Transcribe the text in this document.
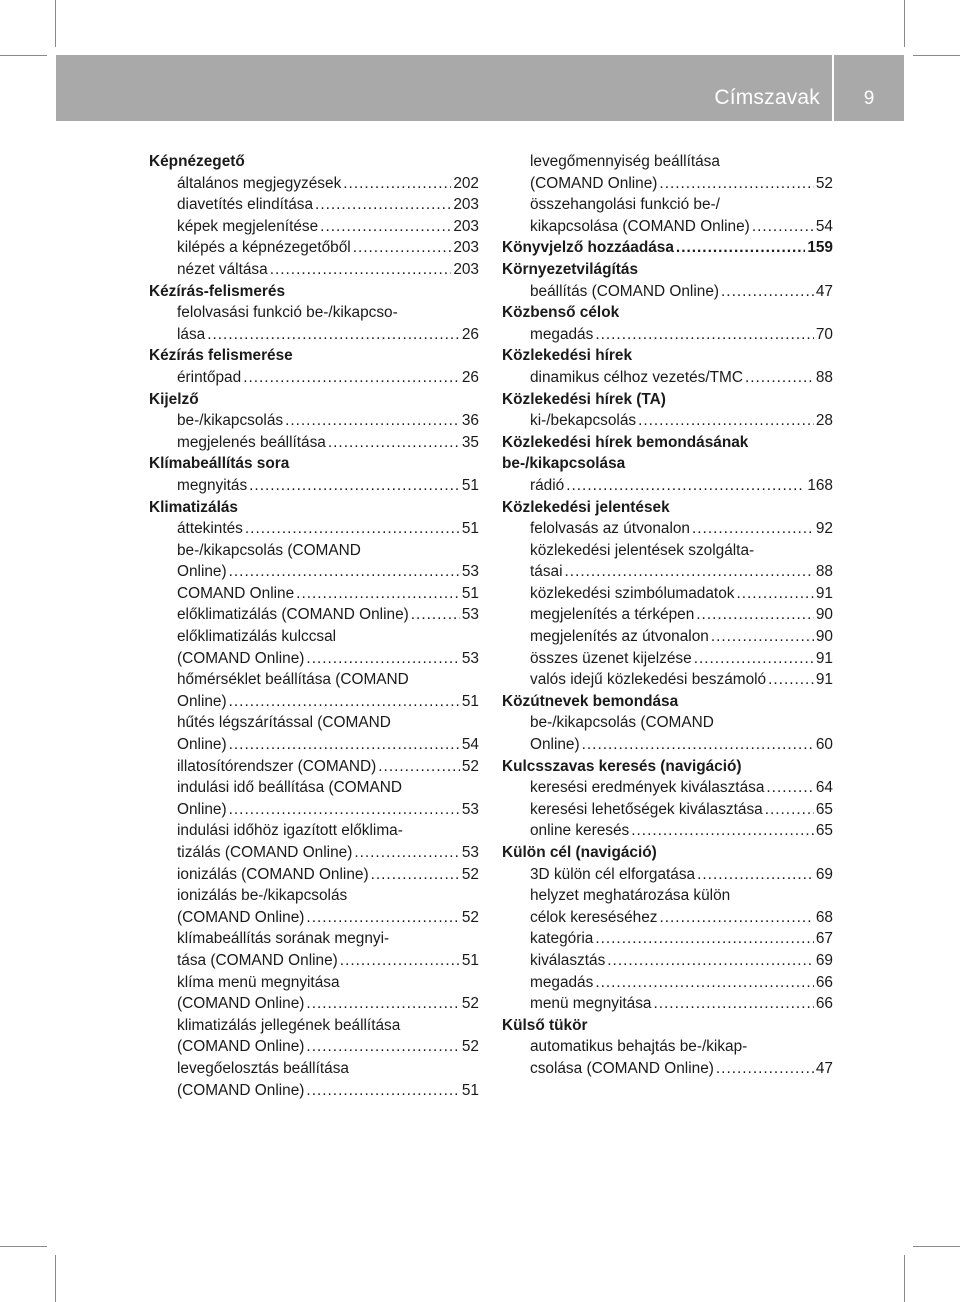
Címszavak	9
Képnézegető
általános megjegyzések .....	202
diavetítés elindítása .....	203
képek megjelenítése .....	203
kilépés a képnézegetőből .....	203
nézet váltása .....	203
Kézírás-felismerés
felolvasási funkció be-/kikapcso-
lása .....	26
Kézírás felismerése
érintőpad .....	26
Kijelző
be-/kikapcsolás .....	36
megjelenés beállítása .....	35
Klímabeállítás sora
megnyitás .....	51
Klimatizálás
áttekintés .....	51
be-/kikapcsolás (COMAND
Online) .....	53
COMAND Online .....	51
előklimatizálás (COMAND Online) .....	53
előklimatizálás kulccsal
(COMAND Online) .....	53
hőmérséklet beállítása (COMAND
Online) .....	51
hűtés légszárítással (COMAND
Online) .....	54
illatosítórendszer (COMAND) .....	52
indulási idő beállítása (COMAND
Online) .....	53
indulási időhöz igazított előklima-
tizálás (COMAND Online) .....	53
ionizálás (COMAND Online) .....	52
ionizálás be-/kikapcsolás
(COMAND Online) .....	52
klímabeállítás sorának megnyi-
tása (COMAND Online) .....	51
klíma menü megnyitása
(COMAND Online) .....	52
klimatizálás jellegének beállítása
(COMAND Online) .....	52
levegőelosztás beállítása
(COMAND Online) .....	51
levegőmennyiség beállítása
(COMAND Online) .....	52
összehangolási funkció be-/
kikapcsolása (COMAND Online) .....	54
Könyvjelző hozzáadása .....	159
Környezetvilágítás
beállítás (COMAND Online) .....	47
Közbenső célok
megadás .....	70
Közlekedési hírek
dinamikus célhoz vezetés/TMC .....	88
Közlekedési hírek (TA)
ki-/bekapcsolás .....	28
Közlekedési hírek bemondásának
be-/kikapcsolása
rádió .....	168
Közlekedési jelentések
felolvasás az útvonalon .....	92
közlekedési jelentések szolgálta-
tásai .....	88
közlekedési szimbólumadatok .....	91
megjelenítés a térképen .....	90
megjelenítés az útvonalon .....	90
összes üzenet kijelzése .....	91
valós idejű közlekedési beszámoló .....	91
Közútnevek bemondása
be-/kikapcsolás (COMAND
Online) .....	60
Kulcsszavas keresés (navigáció)
keresési eredmények kiválasztása .....	64
keresési lehetőségek kiválasztása .....	65
online keresés .....	65
Külön cél (navigáció)
3D külön cél elforgatása .....	69
helyzet meghatározása külön
célok kereséséhez .....	68
kategória .....	67
kiválasztás .....	69
megadás .....	66
menü megnyitása .....	66
Külső tükör
automatikus behajtás be-/kikap-
csolása (COMAND Online) .....	47
